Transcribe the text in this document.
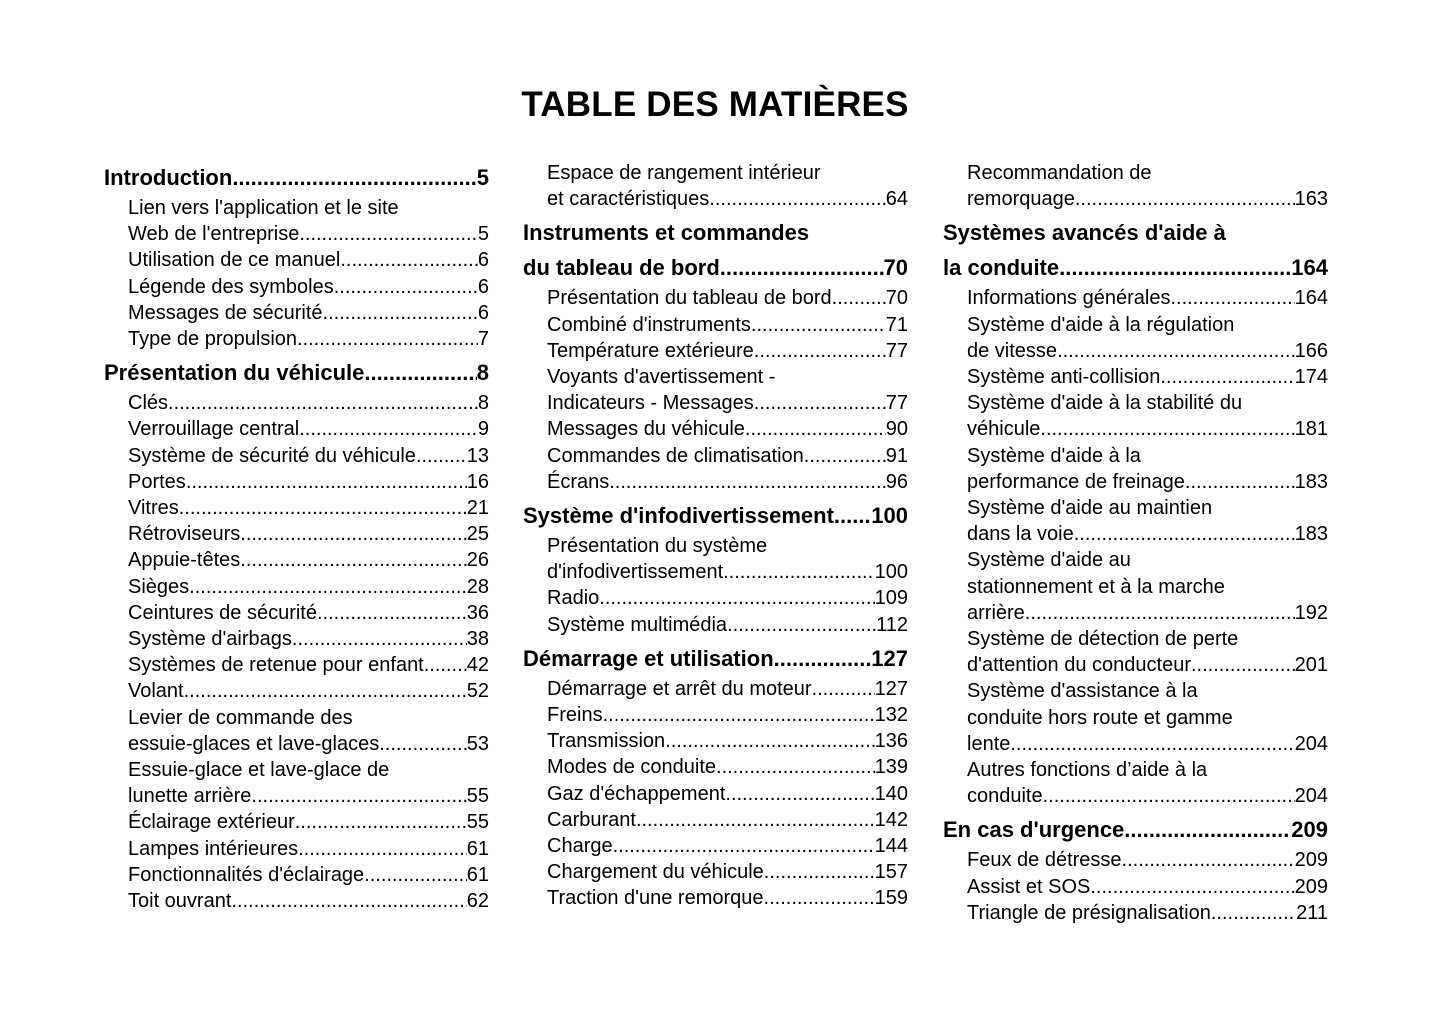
TABLE DES MATIÈRES
Introduction .....	5
Lien vers l'application et le site
Web de l'entreprise .....	5
Utilisation de ce manuel .....	6
Légende des symboles .....	6
Messages de sécurité .....	6
Type de propulsion .....	7
Présentation du véhicule .....	8
Clés .....	8
Verrouillage central .....	9
Système de sécurité du véhicule .....	13
Portes .....	16
Vitres .....	21
Rétroviseurs .....	25
Appuie-têtes .....	26
Sièges .....	28
Ceintures de sécurité .....	36
Système d'airbags .....	38
Systèmes de retenue pour enfant ..... 42
Volant .....	52
Levier de commande des
essuie-glaces et lave-glaces .....	53
Essuie-glace et lave-glace de
lunette arrière .....	55
Éclairage extérieur .....	55
Lampes intérieures .....	61
Fonctionnalités d'éclairage .....	61
Toit ouvrant .....	62
Espace de rangement intérieur
et caractéristiques .....	64
Instruments et commandes
du tableau de bord .....	70
Présentation du tableau de bord .....	70
Combiné d'instruments .....	71
Température extérieure .....	77
Voyants d'avertissement -
Indicateurs - Messages .....	77
Messages du véhicule .....	90
Commandes de climatisation .....	91
Écrans .....	96
Système d'infodivertissement ..... 100
Présentation du système
d'infodivertissement .....	100
Radio .....	109
Système multimédia .....	112
Démarrage et utilisation .....	127
Démarrage et arrêt du moteur .....	127
Freins .....	132
Transmission .....	136
Modes de conduite .....	139
Gaz d'échappement .....	140
Carburant .....	142
Charge .....	144
Chargement du véhicule .....	157
Traction d'une remorque .....	159
Recommandation de
remorquage .....	163
Systèmes avancés d'aide à
la conduite .....	164
Informations générales .....	164
Système d'aide à la régulation
de vitesse .....	166
Système anti-collision .....	174
Système d'aide à la stabilité du
véhicule .....	181
Système d'aide à la
performance de freinage .....	183
Système d'aide au maintien
dans la voie .....	183
Système d'aide au
stationnement et à la marche
arrière .....	192
Système de détection de perte
d'attention du conducteur .....	201
Système d'assistance à la
conduite hors route et gamme
lente .....	204
Autres fonctions d’aide à la
conduite .....	204
En cas d'urgence .....	209
Feux de détresse .....	209
Assist et SOS .....	209
Triangle de présignalisation .....	211
